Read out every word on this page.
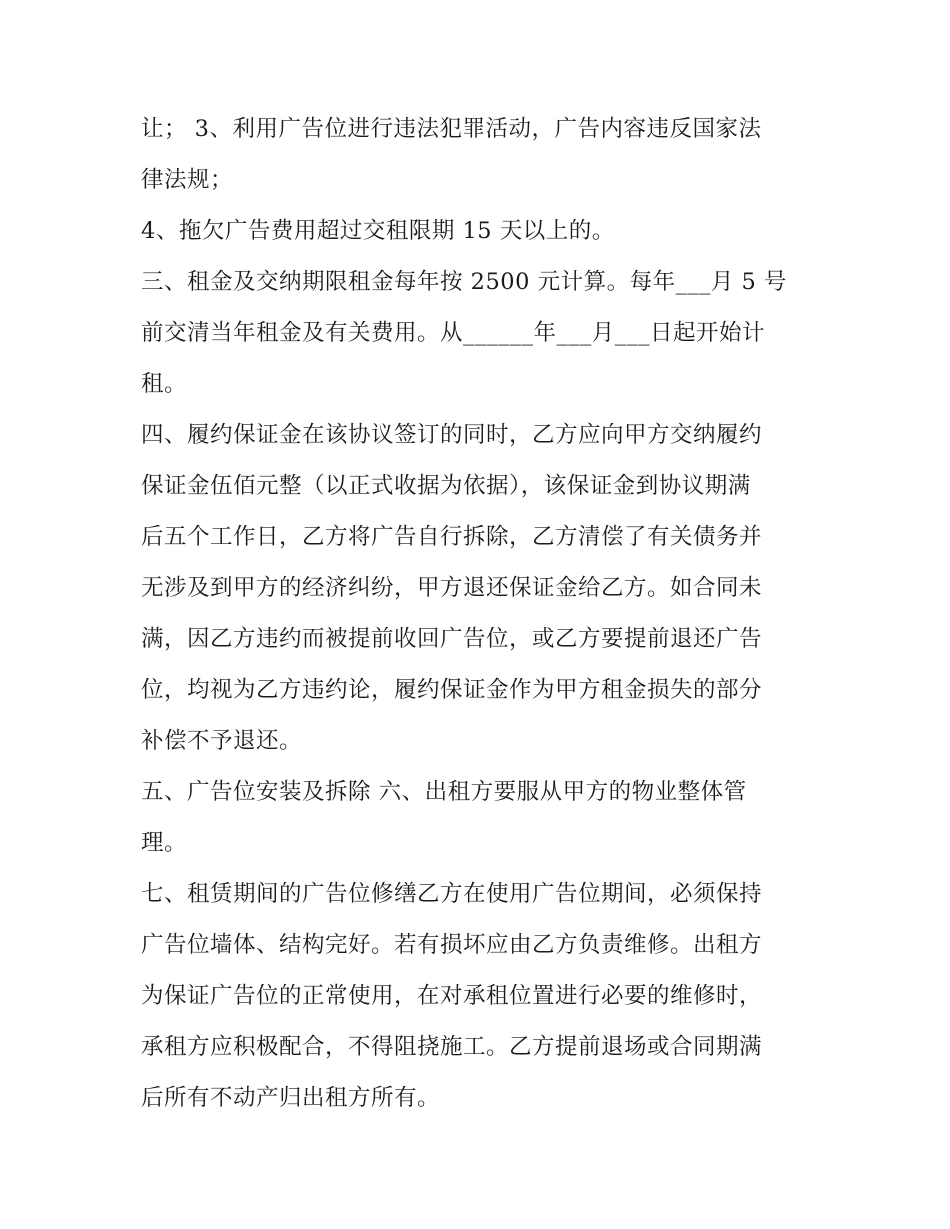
让； 3、利用广告位进行违法犯罪活动，广告内容违反国家法
律法规；

4、拖欠广告费用超过交租限期 15 天以上的。

三、租金及交纳期限租金每年按 2500 元计算。每年___月 5 号
前交清当年租金及有关费用。从______年___月___日起开始计
租。

四、履约保证金在该协议签订的同时，乙方应向甲方交纳履约
保证金伍佰元整（以正式收据为依据），该保证金到协议期满
后五个工作日，乙方将广告自行拆除，乙方清偿了有关债务并
无涉及到甲方的经济纠纷，甲方退还保证金给乙方。如合同未
满，因乙方违约而被提前收回广告位，或乙方要提前退还广告
位，均视为乙方违约论，履约保证金作为甲方租金损失的部分
补偿不予退还。

五、广告位安装及拆除 六、出租方要服从甲方的物业整体管
理。

七、租赁期间的广告位修缮乙方在使用广告位期间，必须保持
广告位墙体、结构完好。若有损坏应由乙方负责维修。出租方
为保证广告位的正常使用，在对承租位置进行必要的维修时，
承租方应积极配合，不得阻挠施工。乙方提前退场或合同期满
后所有不动产归出租方所有。
